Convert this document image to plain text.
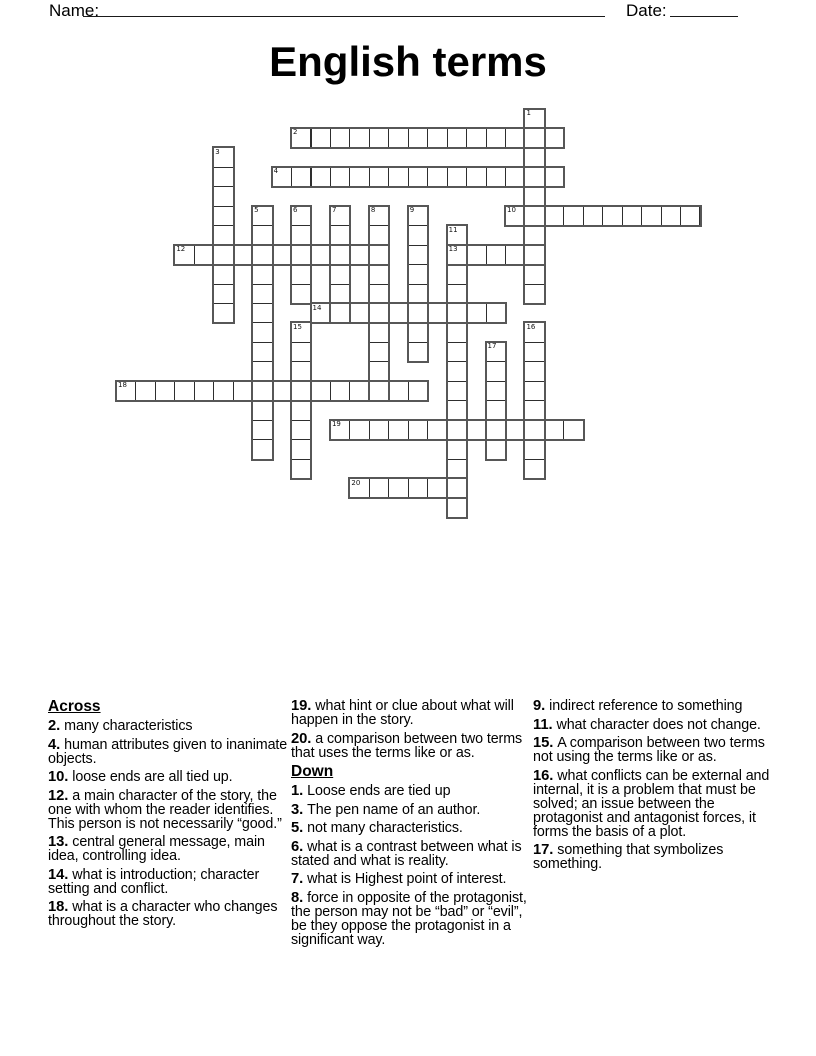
Name:	Date:
English terms
1
2
3
4
5	6	7	8	9	10
11
12	13
14
15	16
17
18
19
20
Across
2. many characteristics
4. human attributes given to inanimate objects.
10. loose ends are all tied up.
12. a main character of the story, the one with whom the reader identifies. This person is not necessarily “good.”
13. central general message, main idea, controlling idea.
14. what is introduction; character setting and conflict.
18. what is a character who changes throughout the story.
19. what hint or clue about what will happen in the story.
20. a comparison between two terms that uses the terms like or as.
Down
1. Loose ends are tied up
3. The pen name of an author.
5. not many characteristics.
6. what is a contrast between what is stated and what is reality.
7. what is Highest point of interest.
8. force in opposite of the protagonist, the person may not be “bad” or “evil”, be they oppose the protagonist in a significant way.
9. indirect reference to something
11. what character does not change.
15. A comparison between two terms not using the terms like or as.
16. what conflicts can be external and internal, it is a problem that must be solved; an issue between the protagonist and antagonist forces, it forms the basis of a plot.
17. something that symbolizes something.
